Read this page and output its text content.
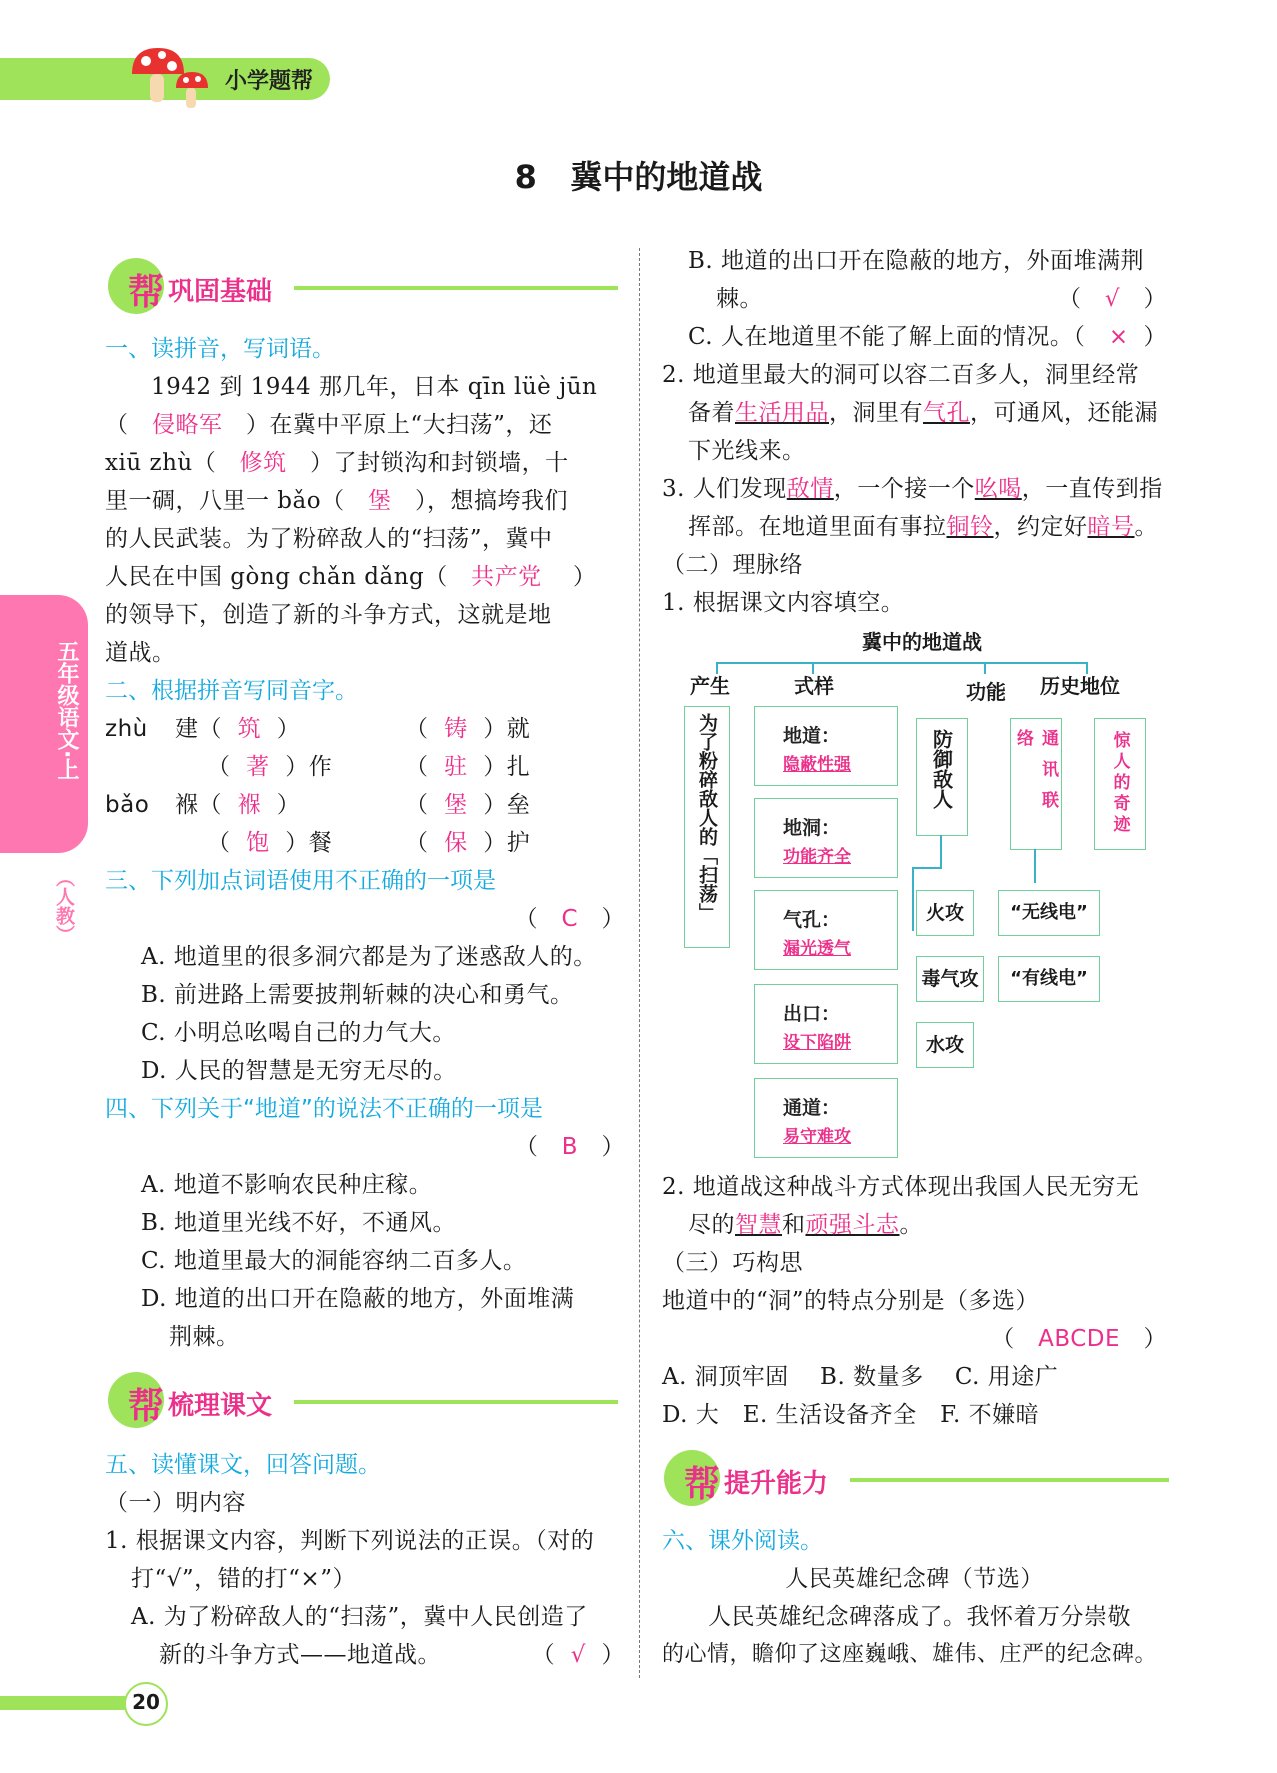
小学题帮
8 冀中的地道战
五年级语文·上
（人教）
帮 巩固基础
一、读拼音，写词语。
1942 到 1944 那几年，日本 qīn lüè jūn
（   侵略军 ）在冀中平原上“大扫荡”，还
xiū zhù（ 修筑 ）了封锁沟和封锁墙，十
里一碉，八里一 bǎo（ 堡 ），想搞垮我们
的人民武装。为了粉碎敌人的“扫荡”，冀中
人民在中国 gòng chǎn dǎng（ 共产党 ）
的领导下，创造了新的斗争方式，这就是地
道战。
二、根据拼音写同音字。
zhù
bǎo
建（ 筑 ）	（ 铸 ）就
（ 著 ）作	（ 驻 ）扎
褓（ 褓 ）	（ 堡 ）垒
（ 饱 ）餐	（ 保 ）护
三、下列加点词语使用不正确的一项是
（   C   ）
A. 地道里的很多洞穴都是为了迷惑敌人的。
B. 前进路上需要披荆斩棘的决心和勇气。
C. 小明总吆喝自己的力气大。
D. 人民的智慧是无穷无尽的。
四、下列关于“地道”的说法不正确的一项是
（   B   ）
A. 地道不影响农民种庄稼。
B. 地道里光线不好，不通风。
C. 地道里最大的洞能容纳二百多人。
D. 地道的出口开在隐蔽的地方，外面堆满
荆棘。
帮 梳理课文
五、读懂课文，回答问题。
（一）明内容
1. 根据课文内容，判断下列说法的正误。（对的
打“√”，错的打“×”）
A. 为了粉碎敌人的“扫荡”，冀中人民创造了
新的斗争方式——地道战。	（  √  ）
B. 地道的出口开在隐蔽的地方，外面堆满荆
棘。	（   √   ）
C. 人在地道里不能了解上面的情况。（ × ）
2. 地道里最大的洞可以容二百多人，洞里经常
备着生活用品，洞里有气孔，可通风，还能漏
下光线来。
3. 人们发现敌情，一个接一个吆喝，一直传到指
挥部。在地道里面有事拉铜铃，约定好暗号。
（二）理脉络
1. 根据课文内容填空。
冀中的地道战
产生	式样	功能 历史地位
为了粉碎敌人的「扫荡」	地道：
隐蔽性强
地洞：
功能齐全
气孔：
漏光透气
出口：
设下陷阱
通道：
易守难攻
防御敌人	通讯联络	惊人的奇迹
火攻
毒气攻
水攻
“无线电”
“有线电”
2. 地道战这种战斗方式体现出我国人民无穷无
尽的智慧和顽强斗志。
（三）巧构思
地道中的“洞”的特点分别是（多选）
（   ABCDE   ）
A. 洞顶牢固　 B. 数量多　 C. 用途广
D. 大　E. 生活设备齐全　F. 不嫌暗
帮 提升能力
六、课外阅读。
人民英雄纪念碑（节选）
人民英雄纪念碑落成了。我怀着万分崇敬
的心情，瞻仰了这座巍峨、雄伟、庄严的纪念碑。
20
